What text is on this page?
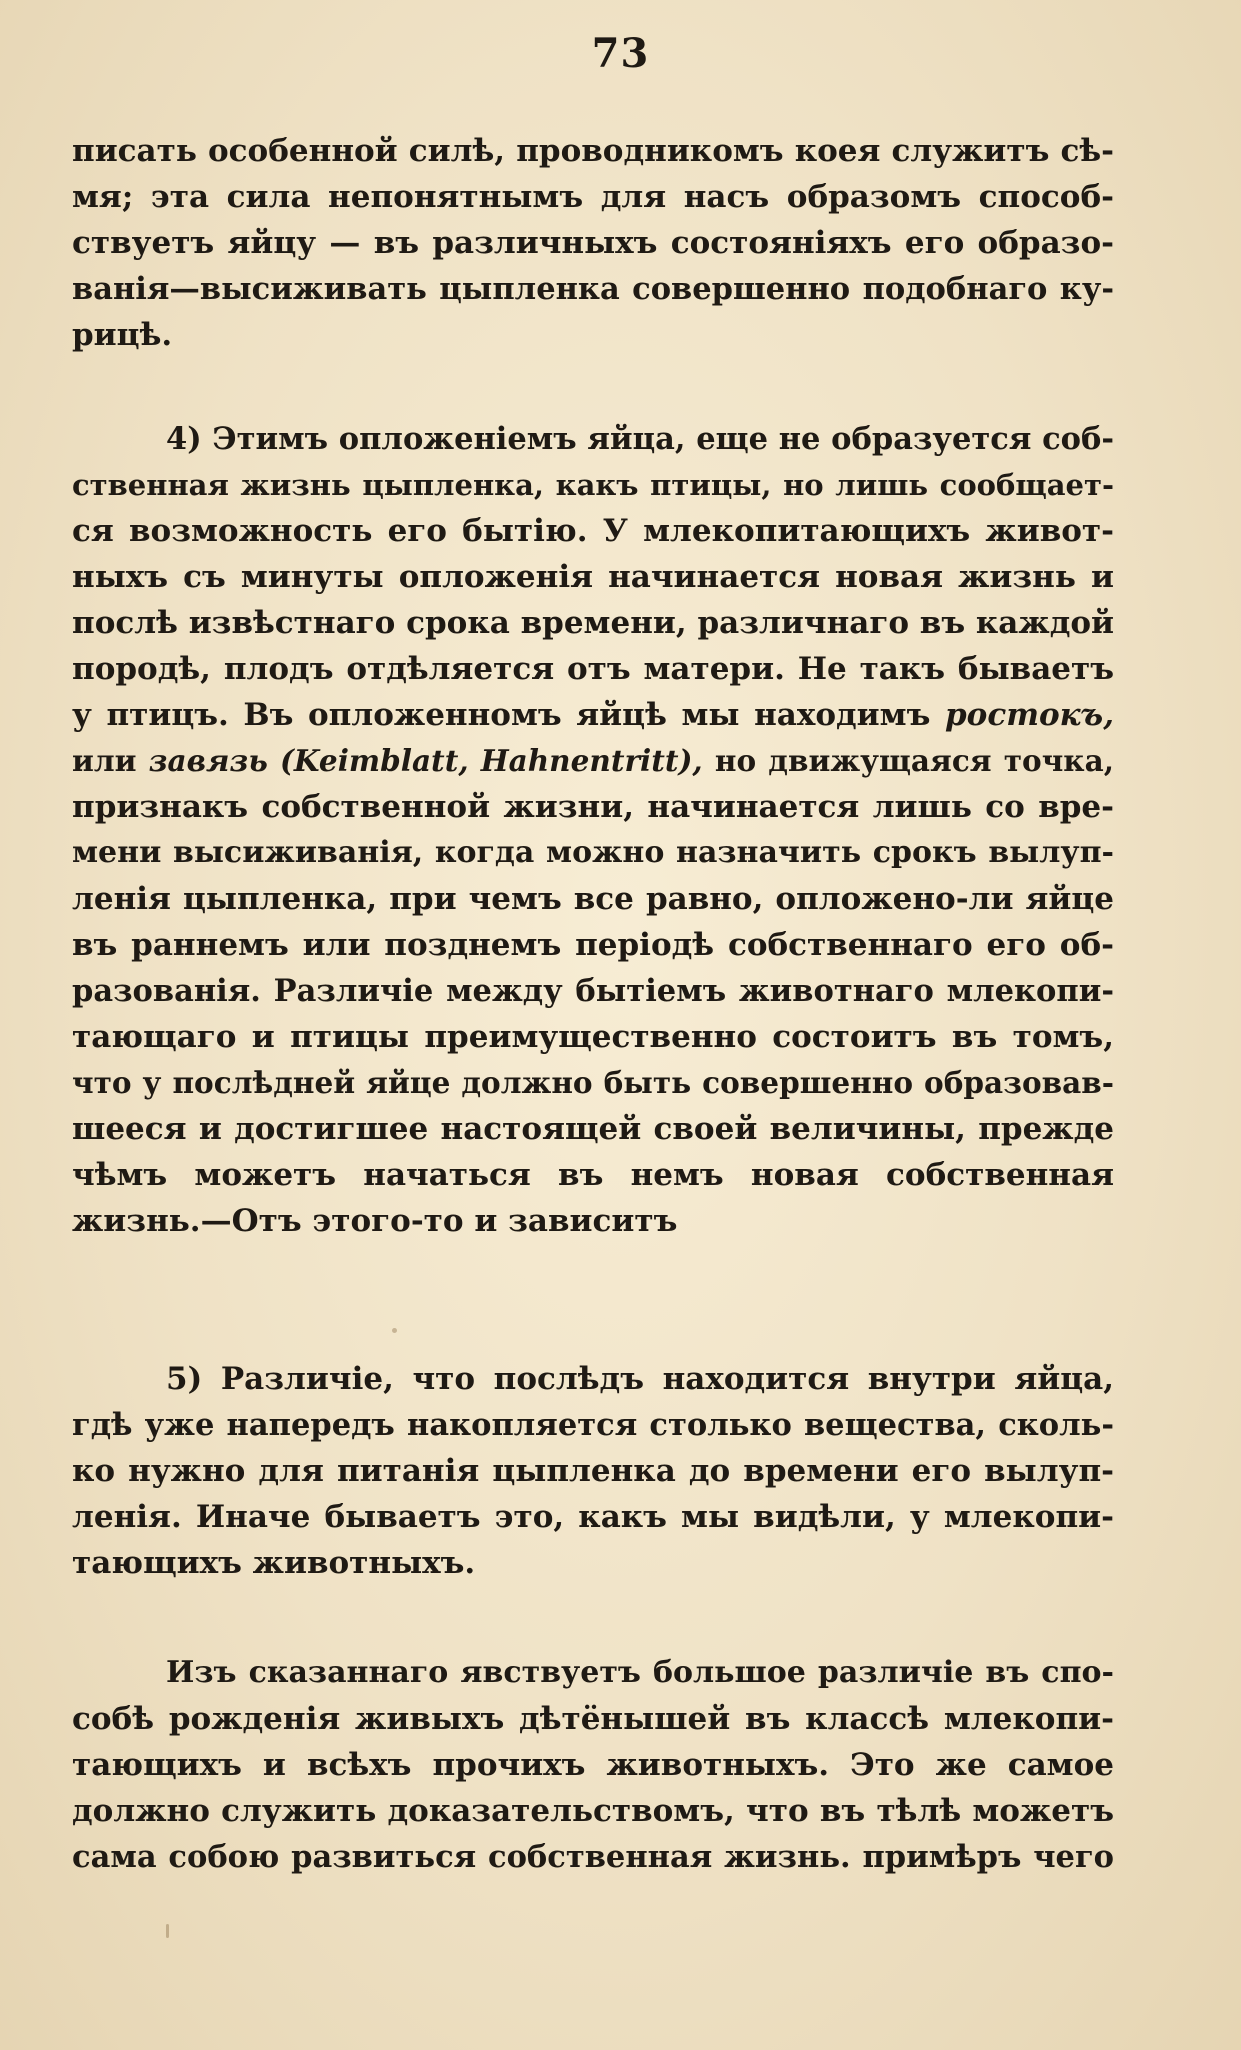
73
писать особенной силѣ, проводникомъ коея служитъ сѣ-
мя; эта сила непонятнымъ для насъ образомъ способ-
ствуетъ яйцу — въ различныхъ состояніяхъ его образо-
ванія—высиживать цыпленка совершенно подобнаго ку-
рицѣ.
4) Этимъ опложеніемъ яйца, еще не образуется соб-
ственная жизнь цыпленка, какъ птицы, но лишь сообщает-
ся возможность его бытію. У млекопитающихъ живот-
ныхъ съ минуты опложенія начинается новая жизнь и
послѣ извѣстнаго срока времени, различнаго въ каждой
породѣ, плодъ отдѣляется отъ матери. Не такъ бываетъ
у птицъ. Въ опложенномъ яйцѣ мы находимъ ростокъ,
или завязь (Keimblatt, Hahnentritt), но движущаяся точка,
признакъ собственной жизни, начинается лишь со вре-
мени высиживанія, когда можно назначить срокъ вылуп-
ленія цыпленка, при чемъ все равно, опложено-ли яйце
въ раннемъ или позднемъ періодѣ собственнаго его об-
разованія. Различіе между бытіемъ животнаго млекопи-
тающаго и птицы преимущественно состоитъ въ томъ,
что у послѣдней яйце должно быть совершенно образовав-
шееся и достигшее настоящей своей величины, прежде
чѣмъ можетъ начаться въ немъ новая собственная
жизнь.—Отъ этого-то и зависитъ
5) Различіе, что послѣдъ находится внутри яйца,
гдѣ уже напередъ накопляется столько вещества, сколь-
ко нужно для питанія цыпленка до времени его вылуп-
ленія. Иначе бываетъ это, какъ мы видѣли, у млекопи-
тающихъ животныхъ.
Изъ сказаннаго явствуетъ большое различіе въ спо-
собѣ рожденія живыхъ дѣтёнышей въ классѣ млекопи-
тающихъ и всѣхъ прочихъ животныхъ. Это же самое
должно служить доказательствомъ, что въ тѣлѣ можетъ
сама собою развиться собственная жизнь. примѣръ чего
